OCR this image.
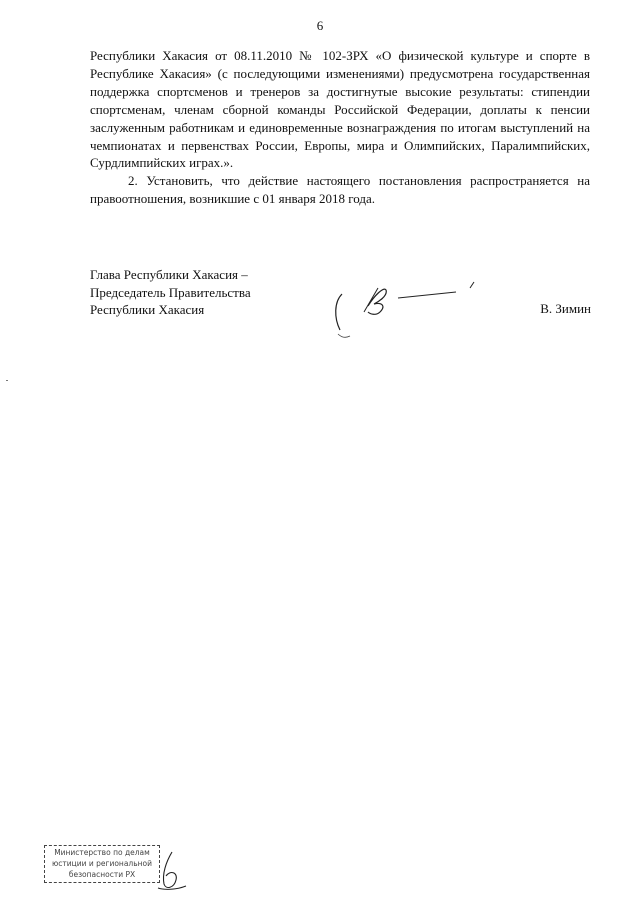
6

Республики Хакасия от 08.11.2010 № 102-ЗРХ «О физической культуре и спорте в Республике Хакасия» (с последующими изменениями) предусмотрена государственная поддержка спортсменов и тренеров за достигнутые высокие результаты: стипендии спортсменам, членам сборной команды Российской Федерации, доплаты к пенсии заслуженным работникам и единовременные вознаграждения по итогам выступлений на чемпионатах и первенствах России, Европы, мира и Олимпийских, Паралимпийских, Сурдлимпийских играх.».

2. Установить, что действие настоящего постановления распространяется на правоотношения, возникшие с 01 января 2018 года.

Глава Республики Хакасия –
Председатель Правительства
Республики Хакасия	В. Зимин
Министерство по делам
юстиции и региональной
безопасности РХ
